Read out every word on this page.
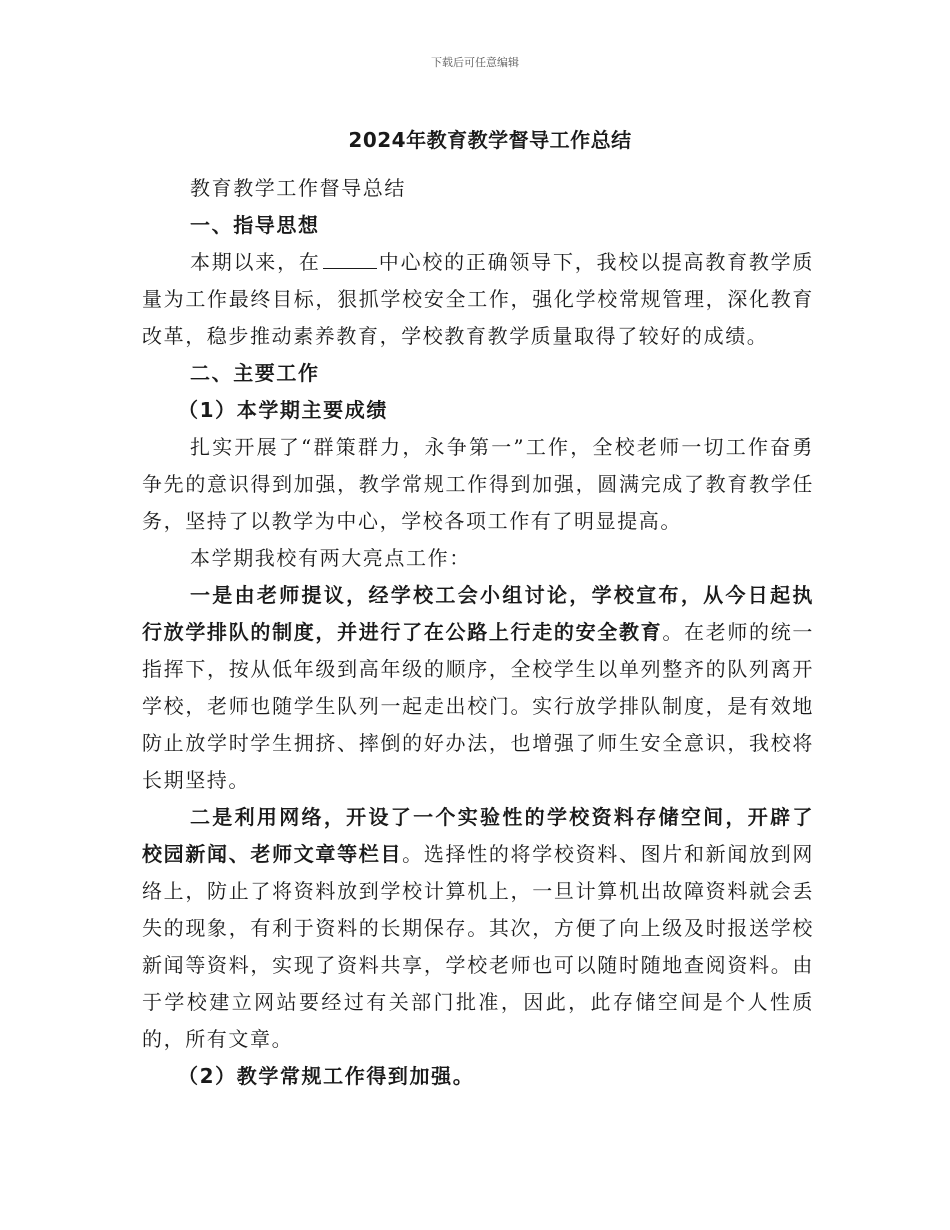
下载后可任意编辑
2024年教育教学督导工作总结

教育教学工作督导总结

一、指导思想

本期以来，在	中心校的正确领导下，我校以提高教育教学质量为工作最终目标，狠抓学校安全工作，强化学校常规管理，深化教育改革，稳步推动素养教育，学校教育教学质量取得了较好的成绩。

二、主要工作

（1）本学期主要成绩

扎实开展了“群策群力，永争第一”工作，全校老师一切工作奋勇争先的意识得到加强，教学常规工作得到加强，圆满完成了教育教学任务，坚持了以教学为中心，学校各项工作有了明显提高。

本学期我校有两大亮点工作：

一是由老师提议，经学校工会小组讨论，学校宣布，从今日起执行放学排队的制度，并进行了在公路上行走的安全教育。在老师的统一指挥下，按从低年级到高年级的顺序，全校学生以单列整齐的队列离开学校，老师也随学生队列一起走出校门。实行放学排队制度，是有效地防止放学时学生拥挤、摔倒的好办法，也增强了师生安全意识，我校将长期坚持。

二是利用网络，开设了一个实验性的学校资料存储空间，开辟了校园新闻、老师文章等栏目。选择性的将学校资料、图片和新闻放到网络上，防止了将资料放到学校计算机上，一旦计算机出故障资料就会丢失的现象，有利于资料的长期保存。其次，方便了向上级及时报送学校新闻等资料，实现了资料共享，学校老师也可以随时随地查阅资料。由于学校建立网站要经过有关部门批准，因此，此存储空间是个人性质的，所有文章。

（2）教学常规工作得到加强。
